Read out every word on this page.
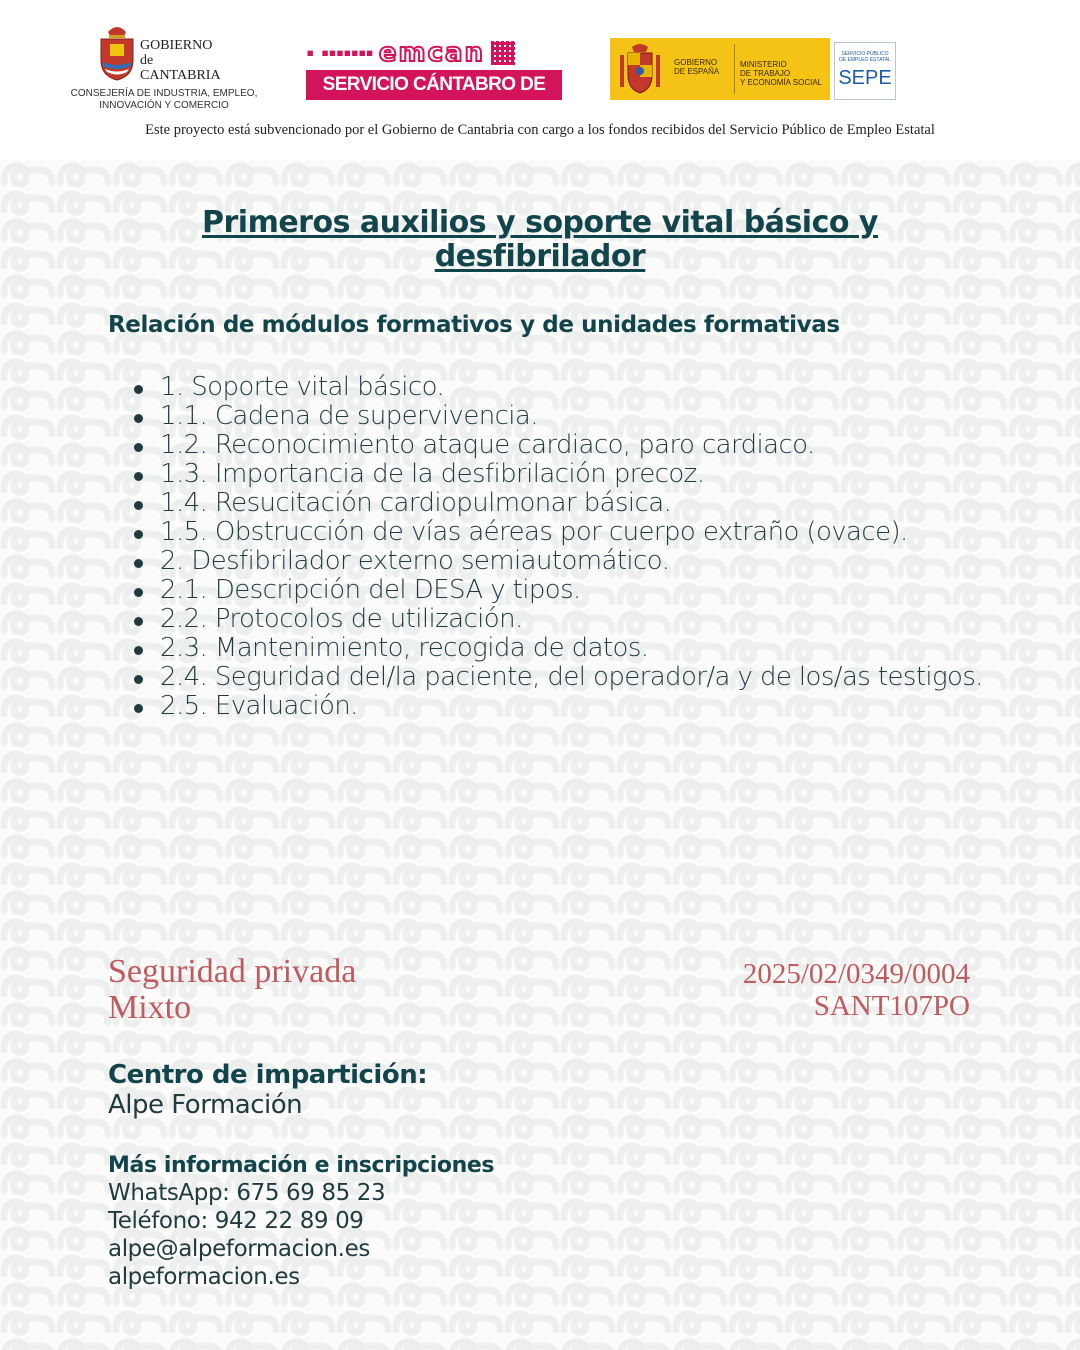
GOBIERNO
de
CANTABRIA
CONSEJERÍA DE INDUSTRIA, EMPLEO,
INNOVACIÓN Y COMERCIO
▪ ▪▪▪▪▪▪▪ emcan
SERVICIO CÁNTABRO DE EMPLEO
GOBIERNO
DE ESPAÑA
MINISTERIO
DE TRABAJO
Y ECONOMÍA SOCIAL
SERVICIO PÚBLICO
DE EMPLEO ESTATAL
SEPE
Este proyecto está subvencionado por el Gobierno de Cantabria con cargo a los fondos recibidos del Servicio Público de Empleo Estatal
Primeros auxilios y soporte vital básico y desfibrilador
Relación de módulos formativos y de unidades formativas
1. Soporte vital básico.
1.1. Cadena de supervivencia.
1.2. Reconocimiento ataque cardiaco, paro cardiaco.
1.3. Importancia de la desfibrilación precoz.
1.4. Resucitación cardiopulmonar básica.
1.5. Obstrucción de vías aéreas por cuerpo extraño (ovace).
2. Desfibrilador externo semiautomático.
2.1. Descripción del DESA y tipos.
2.2. Protocolos de utilización.
2.3. Mantenimiento, recogida de datos.
2.4. Seguridad del/la paciente, del operador/a y de los/as testigos.
2.5. Evaluación.
Seguridad privada
Mixto
2025/02/0349/0004
SANT107PO
Centro de impartición:
Alpe Formación
Más información e inscripciones
WhatsApp: 675 69 85 23
Teléfono: 942 22 89 09
alpe@alpeformacion.es
alpeformacion.es
